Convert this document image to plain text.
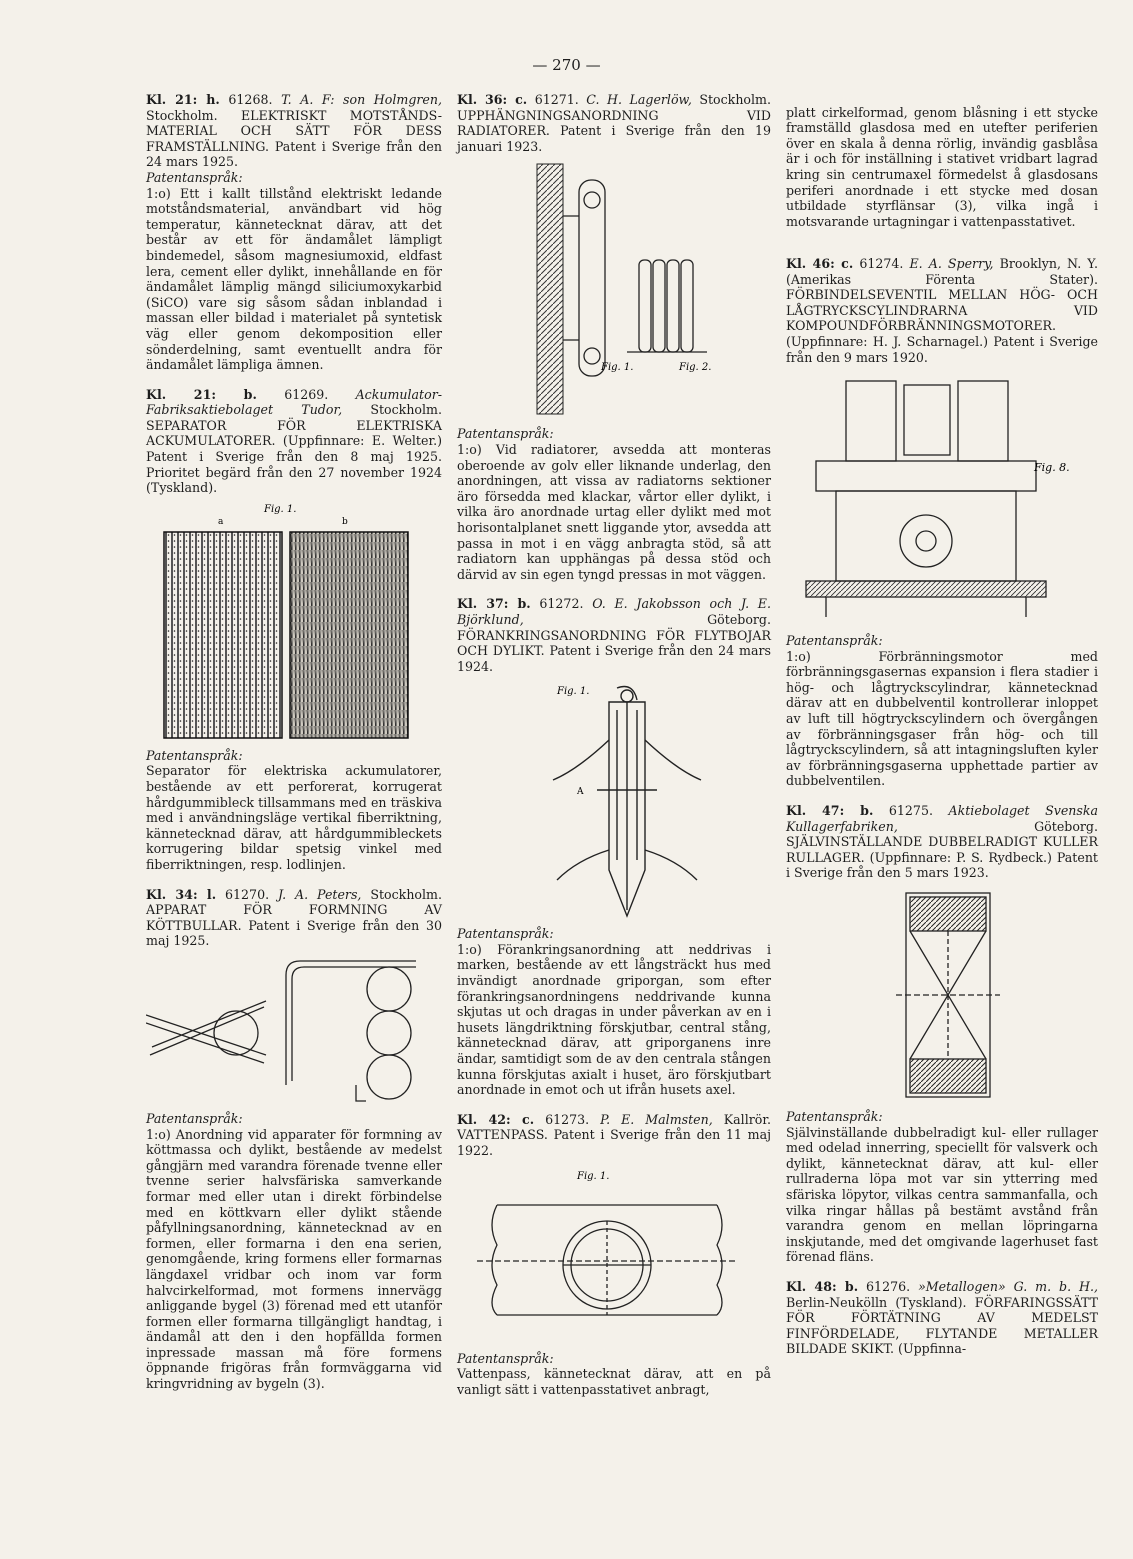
— 270 —

Kl. 21: h. 61268. T. A. F: son Holmgren, Stockholm. ELEKTRISKT MOTSTÅNDS-MATERIAL OCH SÄTT FÖR DESS FRAMSTÄLLNING. Patent i Sverige från den 24 mars 1925.

Patentanspråk:

1:o) Ett i kallt tillstånd elektriskt ledande motståndsmaterial, användbart vid hög temperatur, kännetecknat därav, att det består av ett för ändamålet lämpligt bindemedel, såsom magnesiumoxid, eldfast lera, cement eller dylikt, innehållande en för ändamålet lämplig mängd siliciumoxykarbid (SiCO) vare sig såsom sådan inblandad i massan eller bildad i materialet på syntetisk väg eller genom dekomposition eller sönderdelning, samt eventuellt andra för ändamålet lämpliga ämnen.

Kl. 21: b. 61269. Ackumulator-Fabriksaktiebolaget Tudor, Stockholm. SEPARATOR FÖR ELEKTRISKA ACKUMULATORER. (Uppfinnare: E. Welter.) Patent i Sverige från den 8 maj 1925. Prioritet begärd från den 27 november 1924 (Tyskland).

Fig. 1.
a	b

Patentanspråk:

Separator för elektriska ackumulatorer, bestående av ett perforerat, korrugerat hårdgummibleck tillsammans med en träskiva med i användningsläge vertikal fiberriktning, kännetecknad därav, att hårdgummibleckets korrugering bildar spetsig vinkel med fiberriktningen, resp. lodlinjen.

Kl. 34: l. 61270. J. A. Peters, Stockholm. APPARAT FÖR FORMNING AV KÖTTBULLAR. Patent i Sverige från den 30 maj 1925.

Patentanspråk:

1:o) Anordning vid apparater för formning av köttmassa och dylikt, bestående av medelst gångjärn med varandra förenade tvenne eller tvenne serier halvsfäriska samverkande formar med eller utan i direkt förbindelse med en köttkvarn eller dylikt stående påfyllningsanordning, kännetecknad av en formen, eller formarna i den ena serien, genomgående, kring formens eller formarnas längdaxel vridbar och inom var form halvcirkelformad, mot formens innervägg anliggande bygel (3) förenad med ett utanför formen eller formarna tillgängligt handtag, i ändamål att den i den hopfällda formen inpressade massan må före formens öppnande frigöras från formväggarna vid kringvridning av bygeln (3).

Kl. 36: c. 61271. C. H. Lagerlöw, Stockholm. UPPHÄNGNINGSANORDNING VID RADIATORER. Patent i Sverige från den 19 januari 1923.

Fig. 1.	Fig. 2.

Patentanspråk:

1:o) Vid radiatorer, avsedda att monteras oberoende av golv eller liknande underlag, den anordningen, att vissa av radiatorns sektioner äro försedda med klackar, vårtor eller dylikt, i vilka äro anordnade urtag eller dylikt med mot horisontalplanet snett liggande ytor, avsedda att passa in mot i en vägg anbragta stöd, så att radiatorn kan upphängas på dessa stöd och därvid av sin egen tyngd pressas in mot väggen.

Kl. 37: b. 61272. O. E. Jakobsson och J. E. Björklund,	Göteborg. FÖRANKRINGSANORDNING FÖR FLYTBOJAR OCH DYLIKT. Patent i Sverige från den 24 mars 1924.

Fig. 1.
A

Patentanspråk:

1:o) Förankringsanordning att neddrivas i marken, bestående av ett långsträckt hus med invändigt anordnade griporgan, som efter förankringsanordningens neddrivande kunna skjutas ut och dragas in under påverkan av en i husets längdriktning förskjutbar, central stång, kännetecknad därav, att griporganens inre ändar, samtidigt som de av den centrala stången kunna förskjutas axialt i huset, äro förskjutbart anordnade in emot och ut ifrån husets axel.

Kl. 42: c. 61273. P. E. Malmsten, Kallrör. VATTENPASS. Patent i Sverige från den 11 maj 1922.

Fig. 1.

Patentanspråk:

Vattenpass, kännetecknat därav, att en på vanligt sätt i vattenpasstativet anbragt,

platt cirkelformad, genom blåsning i ett stycke framställd glasdosa med en utefter periferien över en skala å denna rörlig, invändig gasblåsa är i och för inställning i stativet vridbart lagrad kring sin centrumaxel förmedelst å glasdosans periferi anordnade i ett stycke med dosan utbildade styrflänsar (3), vilka ingå i motsvarande urtagningar i vattenpasstativet.

Kl. 46: c. 61274. E. A. Sperry, Brooklyn, N. Y. (Amerikas Förenta Stater). FÖRBINDELSEVENTIL MELLAN HÖG- OCH LÅGTRYCKSCYLINDRARNA VID KOMPOUNDFÖRBRÄNNINGSMOTORER. (Uppfinnare: H. J. Scharnagel.) Patent i Sverige från den 9 mars 1920.

Fig. 8.

Patentanspråk:

1:o) Förbränningsmotor med förbränningsgasernas expansion i flera stadier i hög- och lågtryckscylindrar, kännetecknad därav att en dubbelventil kontrollerar inloppet av luft till högtryckscylindern och övergången av förbränningsgaser från hög- och till lågtryckscylindern, så att intagningsluften kyler av förbränningsgaserna upphettade partier av dubbelventilen.

Kl. 47: b. 61275. Aktiebolaget Svenska Kullagerfabriken,	Göteborg. SJÄLVINSTÄLLANDE DUBBELRADIGT KULLER RULLAGER. (Uppfinnare: P. S. Rydbeck.) Patent i Sverige från den 5 mars 1923.

Patentanspråk:

Självinställande dubbelradigt kul- eller rullager med odelad innerring, speciellt för valsverk och dylikt, kännetecknat därav, att kul- eller rullraderna löpa mot var sin ytterring med sfäriska löpytor, vilkas centra sammanfalla, och vilka ringar hållas på bestämt avstånd från varandra genom en mellan löpringarna inskjutande, med det omgivande lagerhuset fast förenad fläns.

Kl. 48: b. 61276. »Metallogen» G. m. b. H., Berlin-Neukölln (Tyskland). FÖRFARINGSSÄTT FÖR FÖRTÄTNING AV MEDELST FINFÖRDELADE, FLYTANDE METALLER BILDADE SKIKT. (Uppfinna-
